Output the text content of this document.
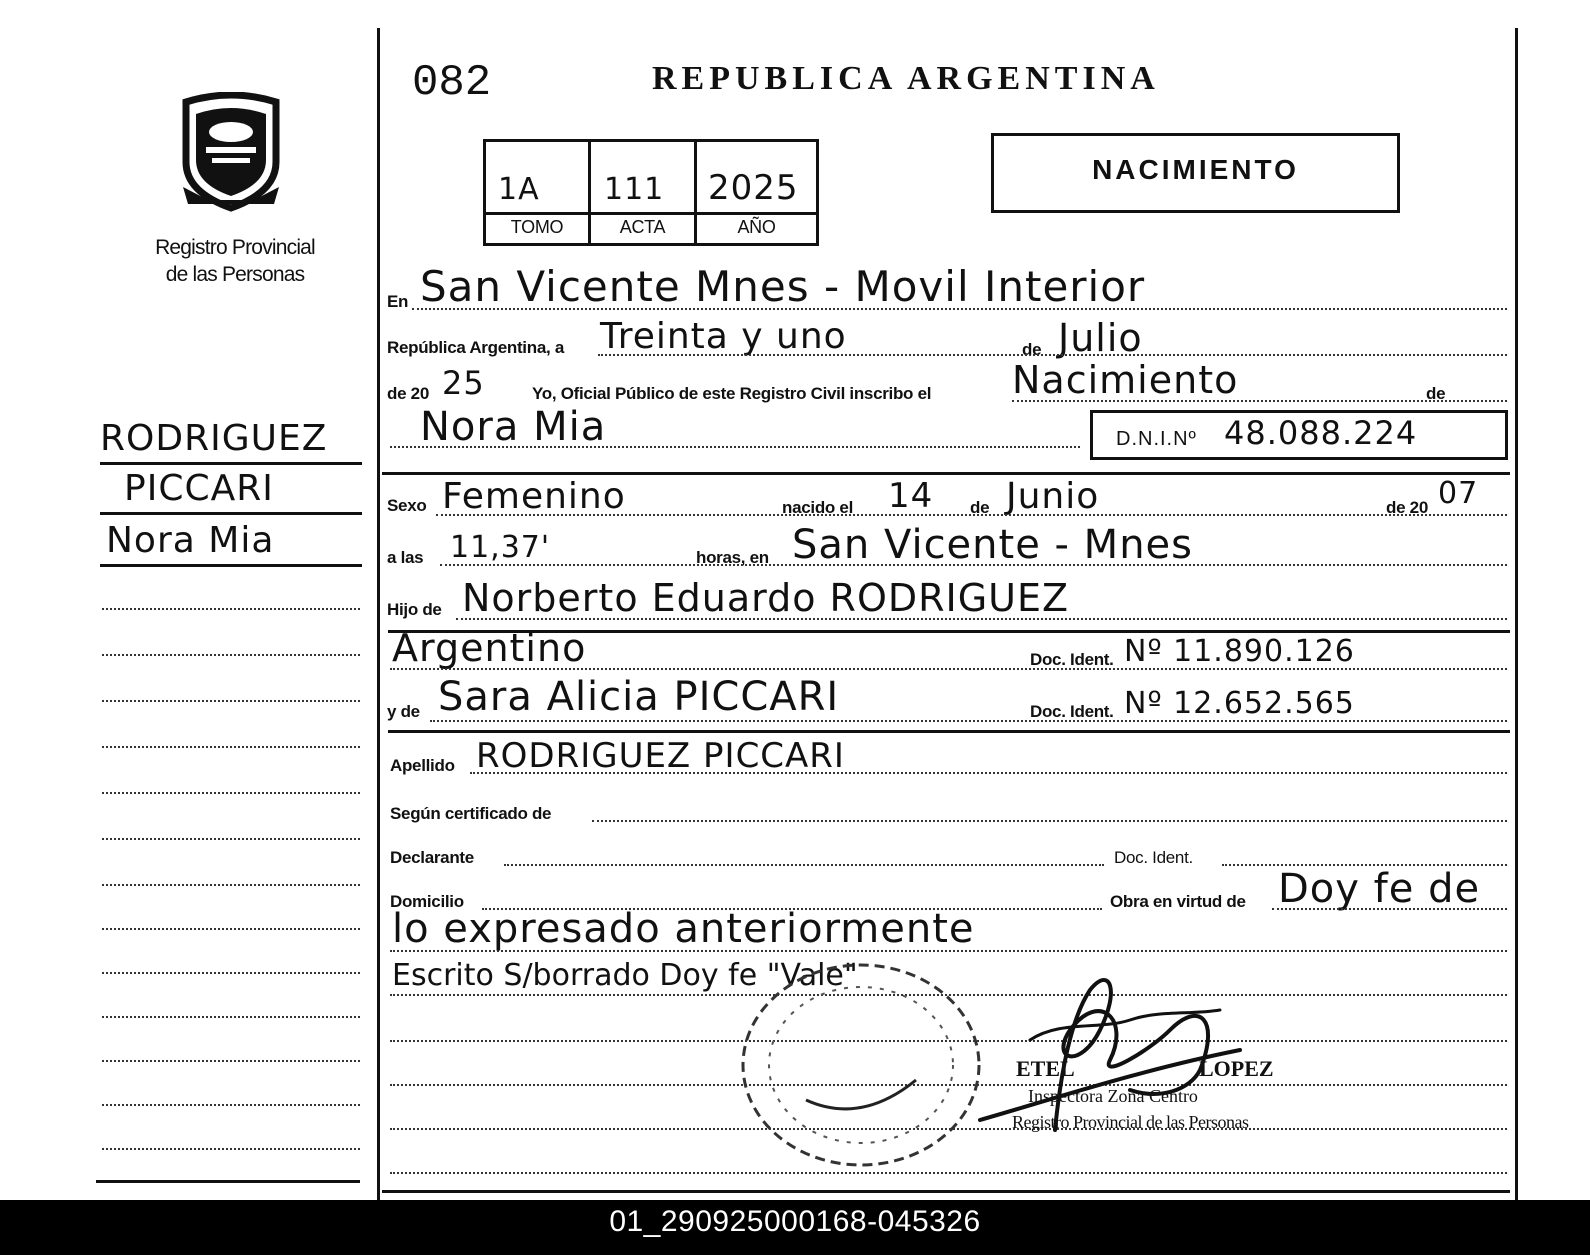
Registro Provincial
de las Personas
RODRIGUEZ
PICCARI
Nora Mia
082	REPUBLICA ARGENTINA
1A 111 2025
TOMO	ACTA	AÑO
NACIMIENTO
En San Vicente Mnes - Movil Interior
República Argentina, a Treinta y uno	de Julio
de 20 25	Yo, Oficial Público de este Registro Civil inscribo el Nacimiento	de
Nora Mia	D.N.I.Nº 48.088.224
Sexo Femenino	nacido el 14 de Junio	de 20 07
a las 11,37'	horas, en San Vicente - Mnes
Hijo de Norberto Eduardo RODRIGUEZ
Argentino	Doc. Ident. Nº 11.890.126
y de Sara Alicia PICCARI	Doc. Ident. Nº 12.652.565
Apellido RODRIGUEZ PICCARI
Según certificado de
Declarante	Doc. Ident.
Domicilio	Obra en virtud de Doy fe de
lo expresado anteriormente
Escrito S/borrado Doy fe "Vale"
ETEL	LOPEZ
Inspectora Zona Centro
Registro Provincial de las Personas
01_290925000168-045326
